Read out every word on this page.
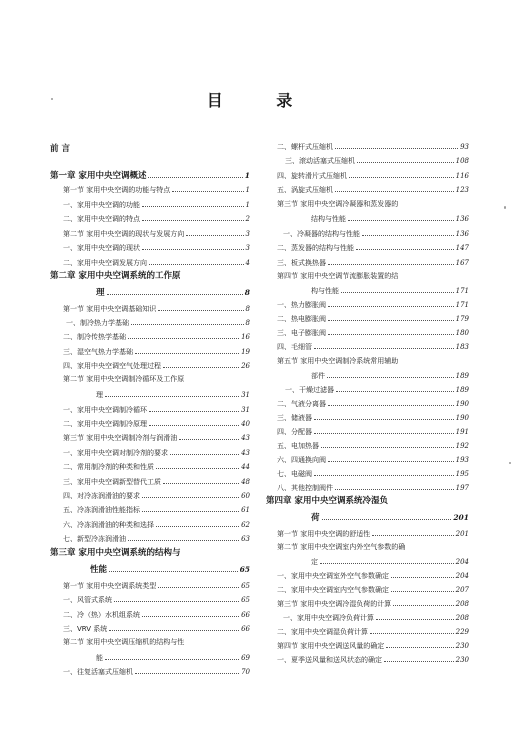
目 录
前 言
第一章 家用中央空调概述	1
第一节 家用中央空调的功能与特点	1
一、家用中央空调的功能	1
二、家用中央空调的特点	2
第二节 家用中央空调的现状与发展方向	3
一、家用中央空调的现状	3
二、家用中央空调发展方向	4
第二章 家用中央空调系统的工作原
理	8
第一节 家用中央空调基础知识	8
一、制冷热力学基础	8
二、制冷传热学基础	16
三、湿空气热力学基础	19
四、家用中央空调空气处理过程	26
第二节 家用中央空调制冷循环及工作原
理	31
一、家用中央空调制冷循环	31
二、家用中央空调制冷原理	40
第三节 家用中央空调制冷剂与润滑油	43
一、家用中央空调对制冷剂的要求	43
二、常用制冷剂的种类和性质	44
三、家用中央空调新型替代工质	48
四、对冷冻润滑油的要求	60
五、冷冻润滑油性能指标	61
六、冷冻润滑油的种类和选择	62
七、新型冷冻润滑油	63
第三章 家用中央空调系统的结构与
性能	65
第一节 家用中央空调系统类型	65
一、风管式系统	65
二、冷（热）水机组系统	66
三、VRV 系统	66
第二节 家用中央空调压缩机的结构与性
能	69
一、往复活塞式压缩机	70
二、螺杆式压缩机	93
三、滚动活塞式压缩机	108
四、旋转滑片式压缩机	116
五、涡旋式压缩机	123
第三节 家用中央空调冷凝器和蒸发器的
结构与性能	136
一、冷凝器的结构与性能	136
二、蒸发器的结构与性能	147
三、板式换热器	167
第四节 家用中央空调节流膨胀装置的结
构与性能	171
一、热力膨胀阀	171
二、热电膨胀阀	179
三、电子膨胀阀	180
四、毛细管	183
第五节 家用中央空调制冷系统常用辅助
部件	189
一、干燥过滤器	189
二、气液分离器	190
三、储液器	190
四、分配器	191
五、电加热器	192
六、四通换向阀	193
七、电磁阀	195
八、其他控制阀件	197
第四章 家用中央空调系统冷湿负
荷	201
第一节 家用中央空调的舒适性	201
第二节 家用中央空调室内外空气参数的确
定	204
一、家用中央空调室外空气参数确定	204
二、家用中央空调室内空气参数确定	207
第三节 家用中央空调冷湿负荷的计算	208
一、家用中央空调冷负荷计算	208
二、家用中央空调湿负荷计算	229
第四节 家用中央空调送风量的确定	230
一、夏季送风量和送风状态的确定	230
